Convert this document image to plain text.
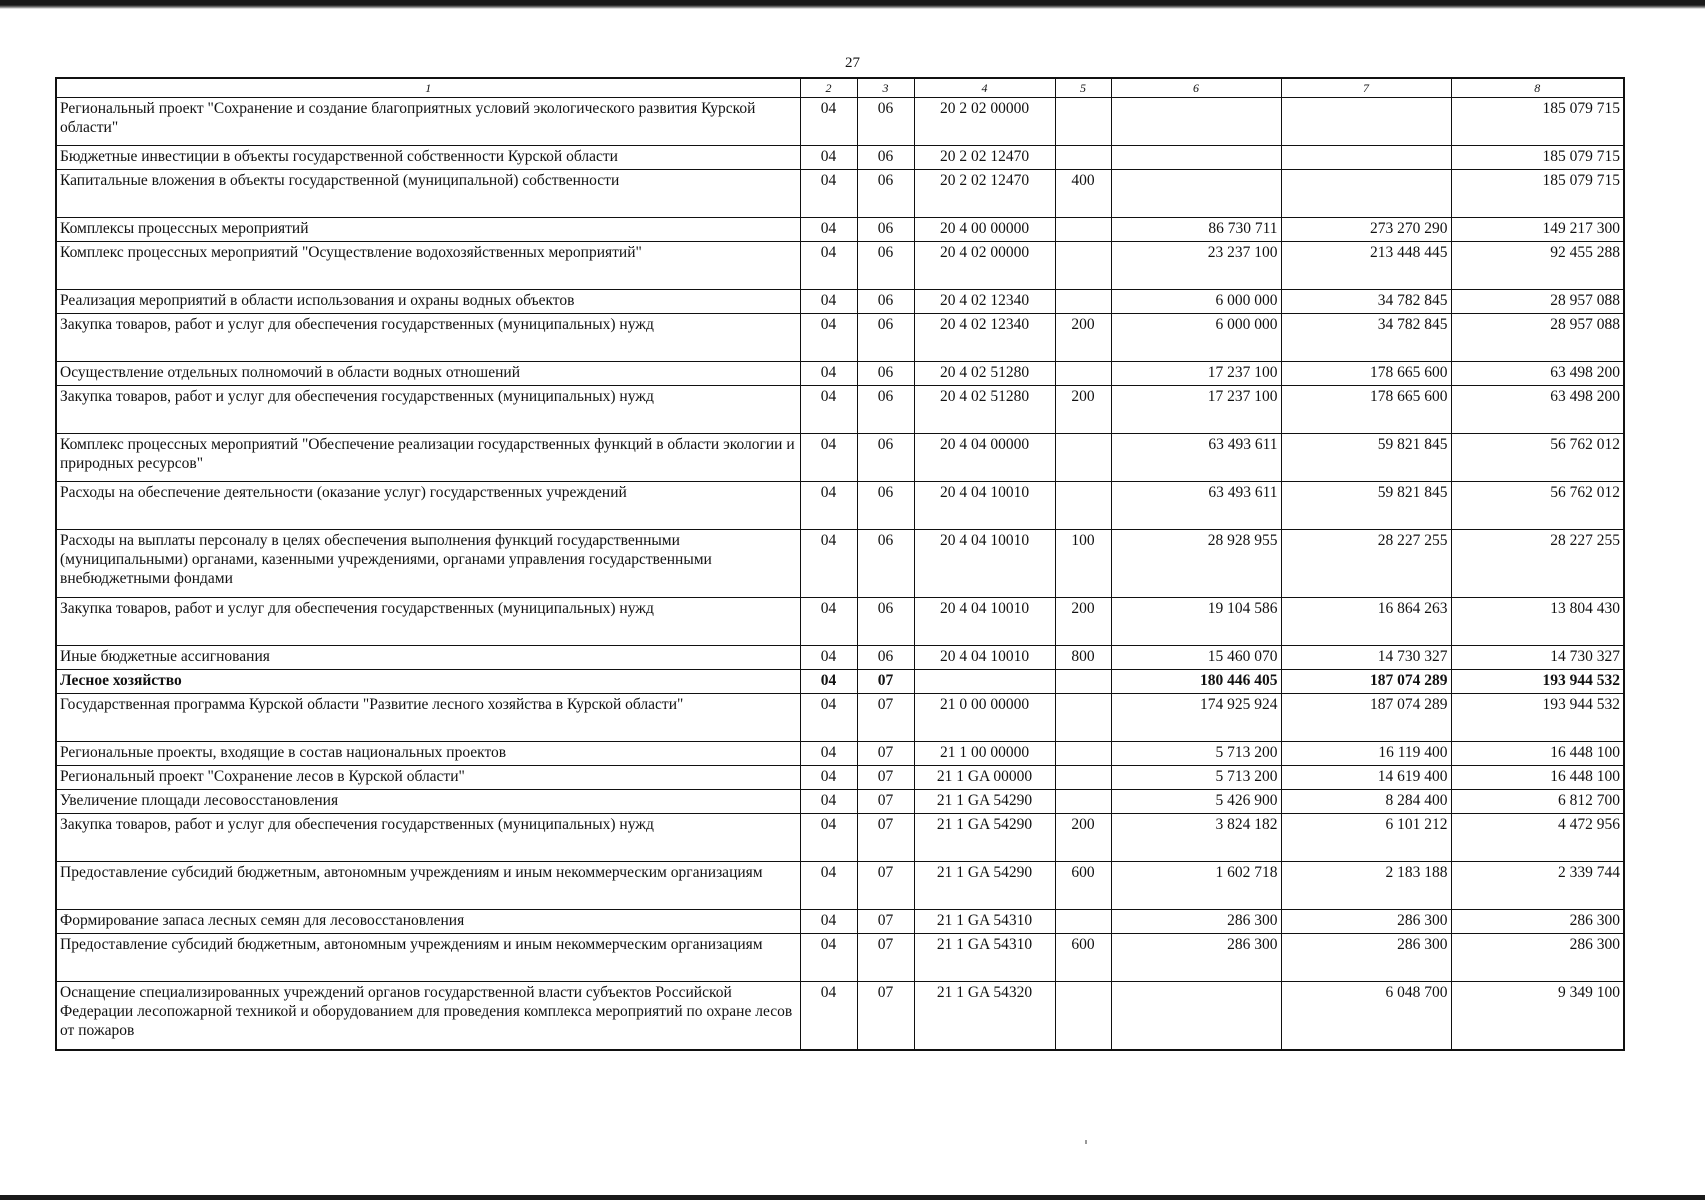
27
1	2	3	4	5	6	7	8
Региональный проект "Сохранение и создание благоприятных условий экологического развития Курской области"	04	06	20 2 02 00000				185 079 715
Бюджетные инвестиции в объекты государственной собственности Курской области	04	06	20 2 02 12470				185 079 715
Капитальные вложения в объекты государственной (муниципальной) собственности	04	06	20 2 02 12470	400			185 079 715
Комплексы процессных мероприятий	04	06	20 4 00 00000		86 730 711	273 270 290	149 217 300
Комплекс процессных мероприятий "Осуществление водохозяйственных мероприятий"	04	06	20 4 02 00000		23 237 100	213 448 445	92 455 288
Реализация мероприятий в области использования и охраны водных объектов	04	06	20 4 02 12340		6 000 000	34 782 845	28 957 088
Закупка товаров, работ и услуг для обеспечения государственных (муниципальных) нужд	04	06	20 4 02 12340	200	6 000 000	34 782 845	28 957 088
Осуществление отдельных полномочий в области водных отношений	04	06	20 4 02 51280		17 237 100	178 665 600	63 498 200
Закупка товаров, работ и услуг для обеспечения государственных (муниципальных) нужд	04	06	20 4 02 51280	200	17 237 100	178 665 600	63 498 200
Комплекс процессных мероприятий "Обеспечение реализации государственных функций в области экологии и природных ресурсов"	04	06	20 4 04 00000		63 493 611	59 821 845	56 762 012
Расходы на обеспечение деятельности (оказание услуг) государственных учреждений	04	06	20 4 04 10010		63 493 611	59 821 845	56 762 012
Расходы на выплаты персоналу в целях обеспечения выполнения функций государственными (муниципальными) органами, казенными учреждениями, органами управления государственными внебюджетными фондами	04	06	20 4 04 10010	100	28 928 955	28 227 255	28 227 255
Закупка товаров, работ и услуг для обеспечения государственных (муниципальных) нужд	04	06	20 4 04 10010	200	19 104 586	16 864 263	13 804 430
Иные бюджетные ассигнования	04	06	20 4 04 10010	800	15 460 070	14 730 327	14 730 327
Лесное хозяйство	04	07			180 446 405	187 074 289	193 944 532
Государственная программа Курской области "Развитие лесного хозяйства в Курской области"	04	07	21 0 00 00000		174 925 924	187 074 289	193 944 532
Региональные проекты, входящие в состав национальных проектов	04	07	21 1 00 00000		5 713 200	16 119 400	16 448 100
Региональный проект "Сохранение лесов в Курской области"	04	07	21 1 GA 00000		5 713 200	14 619 400	16 448 100
Увеличение площади лесовосстановления	04	07	21 1 GA 54290		5 426 900	8 284 400	6 812 700
Закупка товаров, работ и услуг для обеспечения государственных (муниципальных) нужд	04	07	21 1 GA 54290	200	3 824 182	6 101 212	4 472 956
Предоставление субсидий бюджетным, автономным учреждениям и иным некоммерческим организациям	04	07	21 1 GA 54290	600	1 602 718	2 183 188	2 339 744
Формирование запаса лесных семян для лесовосстановления	04	07	21 1 GA 54310		286 300	286 300	286 300
Предоставление субсидий бюджетным, автономным учреждениям и иным некоммерческим организациям	04	07	21 1 GA 54310	600	286 300	286 300	286 300
Оснащение специализированных учреждений органов государственной власти субъектов Российской Федерации лесопожарной техникой и оборудованием для проведения комплекса мероприятий по охране лесов от пожаров	04	07	21 1 GA 54320			6 048 700	9 349 100
